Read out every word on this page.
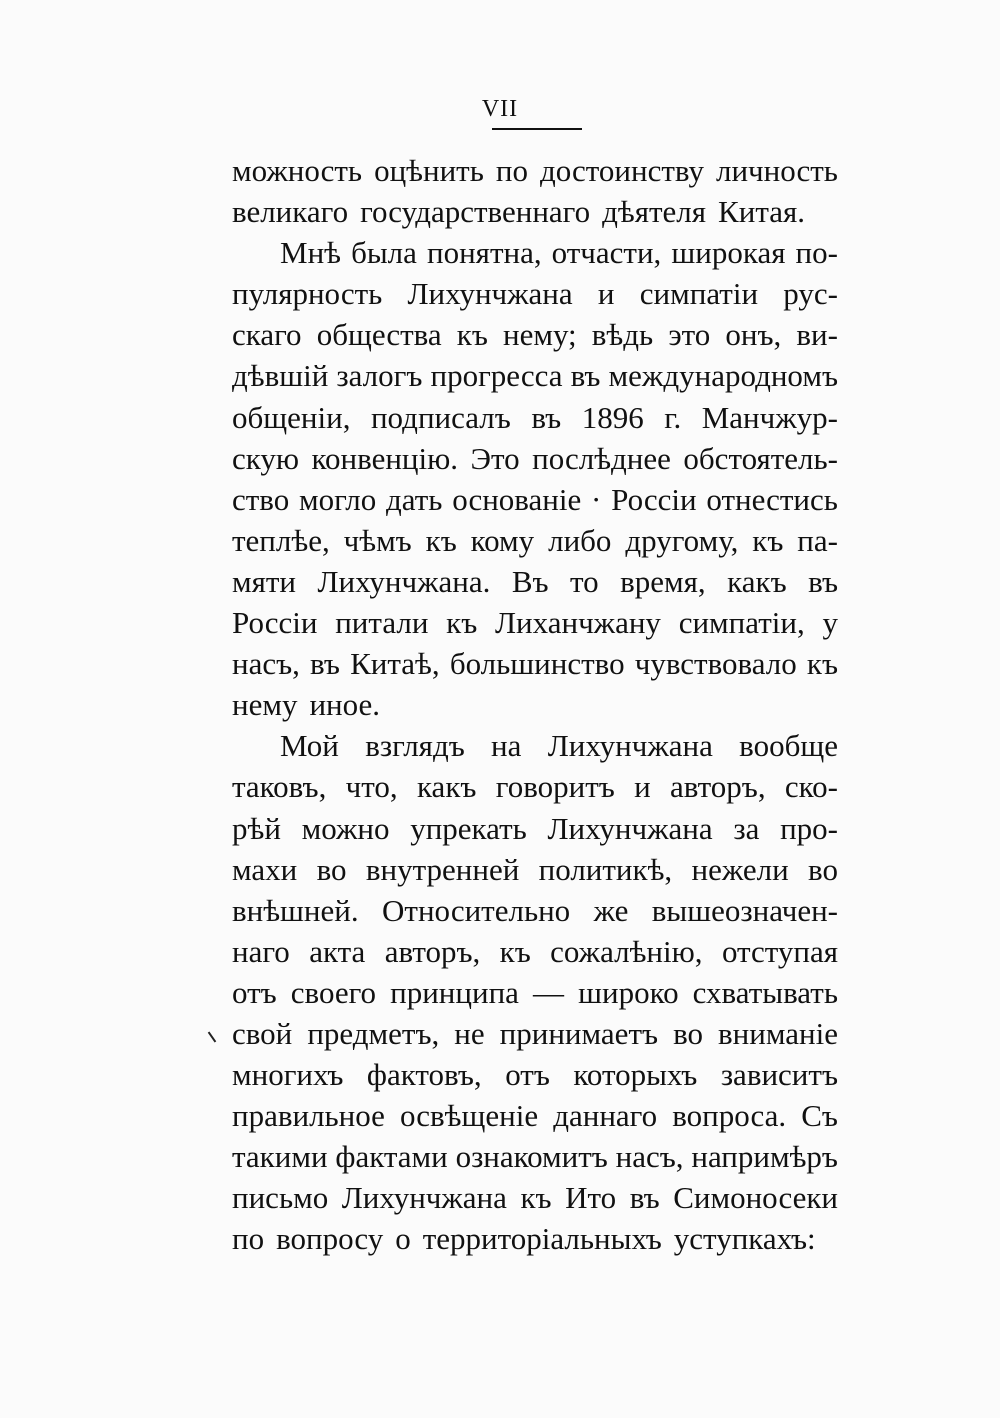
VII
можность оцѣнить по достоинству личность
великаго государственнаго дѣятеля Китая.
Мнѣ была понятна, отчасти, широкая по-
пулярность Лихунчжана и симпатіи рус-
скаго общества къ нему; вѣдь это онъ, ви-
дѣвшій залогъ прогресса въ международномъ
общеніи, подписалъ въ 1896 г. Манчжур-
скую конвенцію. Это послѣднее обстоятель-
ство могло дать основаніе · Россіи отнестись
теплѣе, чѣмъ къ кому либо другому, къ па-
мяти Лихунчжана. Въ то время, какъ въ
Россіи питали къ Лиханчжану симпатіи, у
насъ, въ Китаѣ, большинство чувствовало къ
нему иное.
Мой взглядъ на Лихунчжана вообще
таковъ, что, какъ говоритъ и авторъ, ско-
рѣй можно упрекать Лихунчжана за про-
махи во внутренней политикѣ, нежели во
внѣшней. Относительно же вышеозначен-
наго акта авторъ, къ сожалѣнію, отступая
отъ своего принципа — широко схватывать
свой предметъ, не принимаетъ во вниманіе
многихъ фактовъ, отъ которыхъ зависитъ
правильное освѣщеніе даннаго вопроса. Съ
такими фактами ознакомитъ насъ, напримѣръ
письмо Лихунчжана къ Ито въ Симоносеки
по вопросу о территоріальныхъ уступкахъ:
